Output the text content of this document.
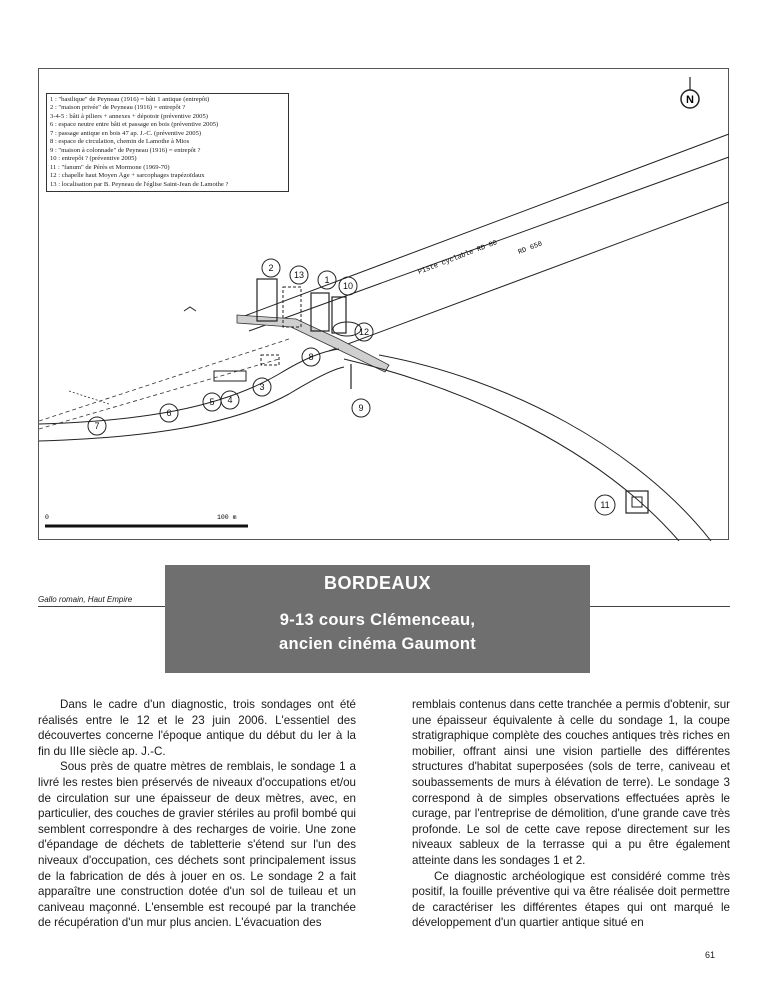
N
Piste cyclable RD 80	RD 650
0	100 m
2
13 1
10
12
8
3
4
5
6
7
9
11
1 : "basilique" de Peyneau (1916) = bâti 1 antique (entrepôt)
2 : "maison privée" de Peyneau (1916) = entrepôt ?
3-4-5 : bâti à piliers + annexes + dépotoir (préventive 2005)
6 : espace neutre entre bâti et passage en bois (préventive 2005)
7 : passage antique en bois 47 ap. J.-C. (préventive 2005)
8 : espace de circulation, chemin de Lamothe à Mios
9 : "maison à colonnade" de Peyneau (1916) = entrepôt ?
10 : entrepôt ? (préventive 2005)
11 : "fanum" de Pérès et Mormone (1969-70)
12 : chapelle haut Moyen Âge + sarcophages trapézoïdaux
13 : localisation par B. Peyneau de l'église Saint-Jean de Lamothe ?
Gallo romain, Haut Empire
BORDEAUX
9-13 cours Clémenceau,
ancien cinéma Gaumont

Dans le cadre d'un diagnostic, trois sondages ont été réalisés entre le 12 et le 23 juin 2006. L'essentiel des découvertes concerne l'époque antique du début du Ier à la fin du IIIe siècle ap. J.-C.

Sous près de quatre mètres de remblais, le sondage 1 a livré les restes bien préservés de niveaux d'occupations et/ou de circulation sur une épaisseur de deux mètres, avec, en particulier, des couches de gravier stériles au profil bombé qui semblent correspondre à des recharges de voirie. Une zone d'épandage de déchets de tabletterie s'étend sur l'un des niveaux d'occupation, ces déchets sont principalement issus de la fabrication de dés à jouer en os. Le sondage 2 a fait apparaître une construction dotée d'un sol de tuileau et un caniveau maçonné. L'ensemble est recoupé par la tranchée de récupération d'un mur plus ancien. L'évacuation des

remblais contenus dans cette tranchée a permis d'obtenir, sur une épaisseur équivalente à celle du sondage 1, la coupe stratigraphique complète des couches antiques très riches en mobilier, offrant ainsi une vision partielle des différentes structures d'habitat superposées (sols de terre, caniveau et soubassements de murs à élévation de terre). Le sondage 3 correspond à de simples observations effectuées après le curage, par l'entreprise de démolition, d'une grande cave très profonde. Le sol de cette cave repose directement sur les niveaux sableux de la terrasse qui a pu être également atteinte dans les sondages 1 et 2.

Ce diagnostic archéologique est considéré comme très positif, la fouille préventive qui va être réalisée doit permettre de caractériser les différentes étapes qui ont marqué le développement d'un quartier antique situé en

61
